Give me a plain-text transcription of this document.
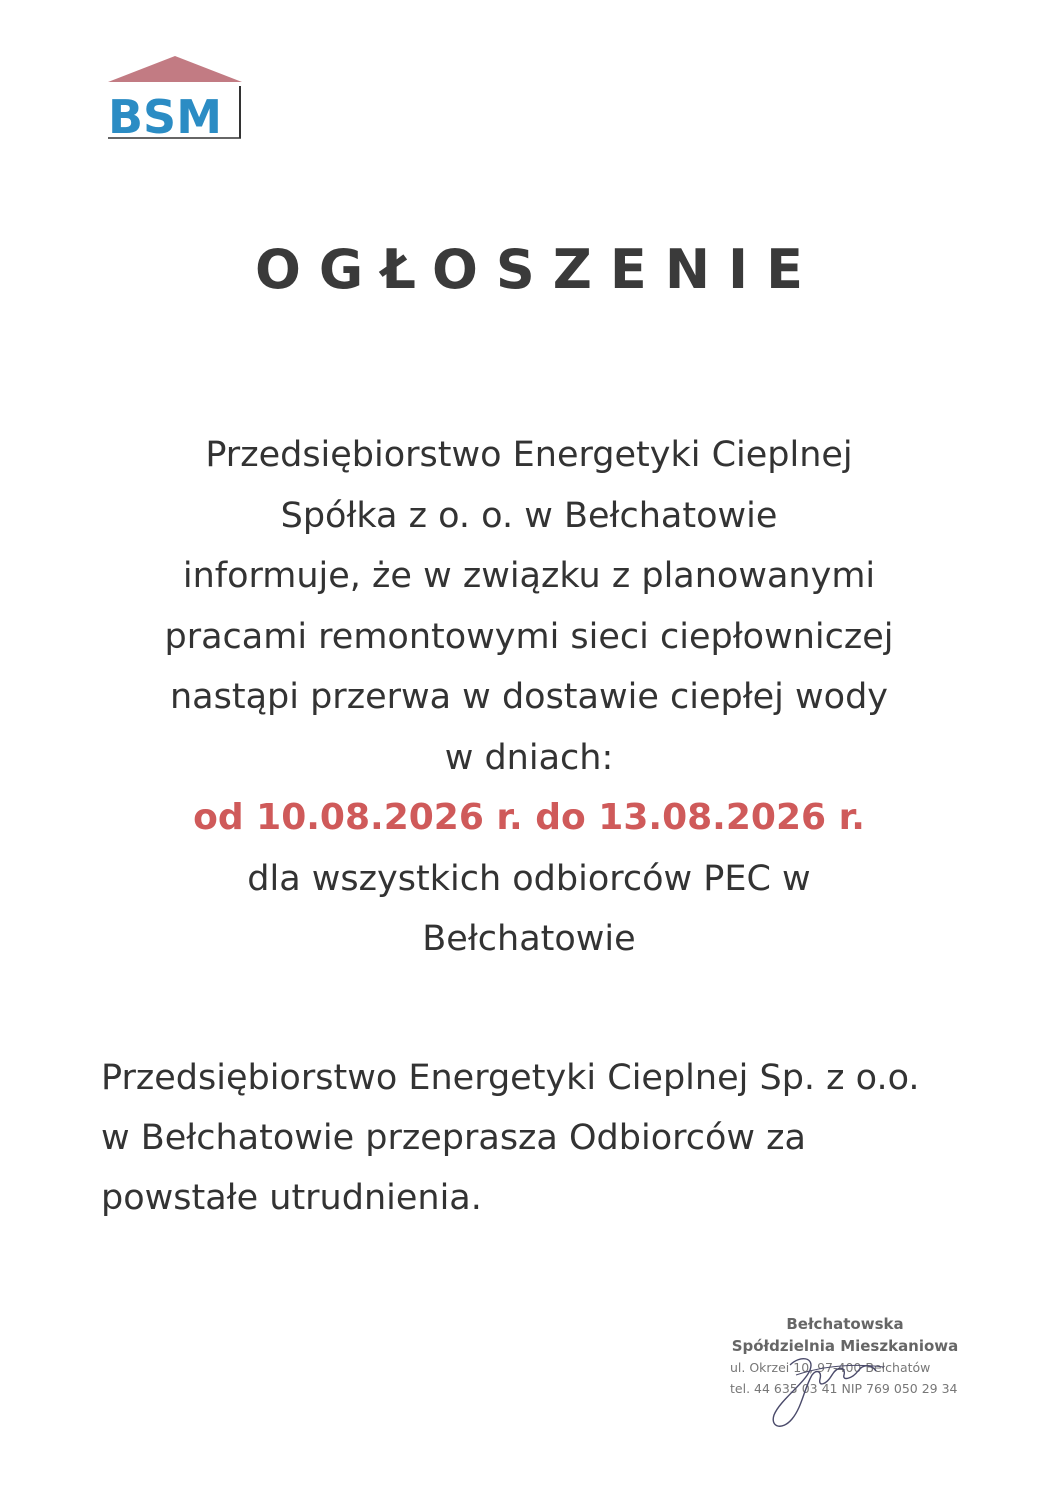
BSM
OGŁOSZENIE
Przedsiębiorstwo Energetyki Cieplnej
Spółka z o. o. w Bełchatowie
informuje, że w związku z planowanymi
pracami remontowymi sieci ciepłowniczej
nastąpi przerwa w dostawie ciepłej wody
w dniach:
od 10.08.2026 r. do 13.08.2026 r.
dla wszystkich odbiorców PEC w
Bełchatowie
Przedsiębiorstwo Energetyki Cieplnej Sp. z o.o.
w Bełchatowie przeprasza Odbiorców za
powstałe utrudnienia.
Bełchatowska
Spółdzielnia Mieszkaniowa
ul. Okrzei 10, 97-400 Bełchatów
tel. 44 635 03 41 NIP 769 050 29 34
